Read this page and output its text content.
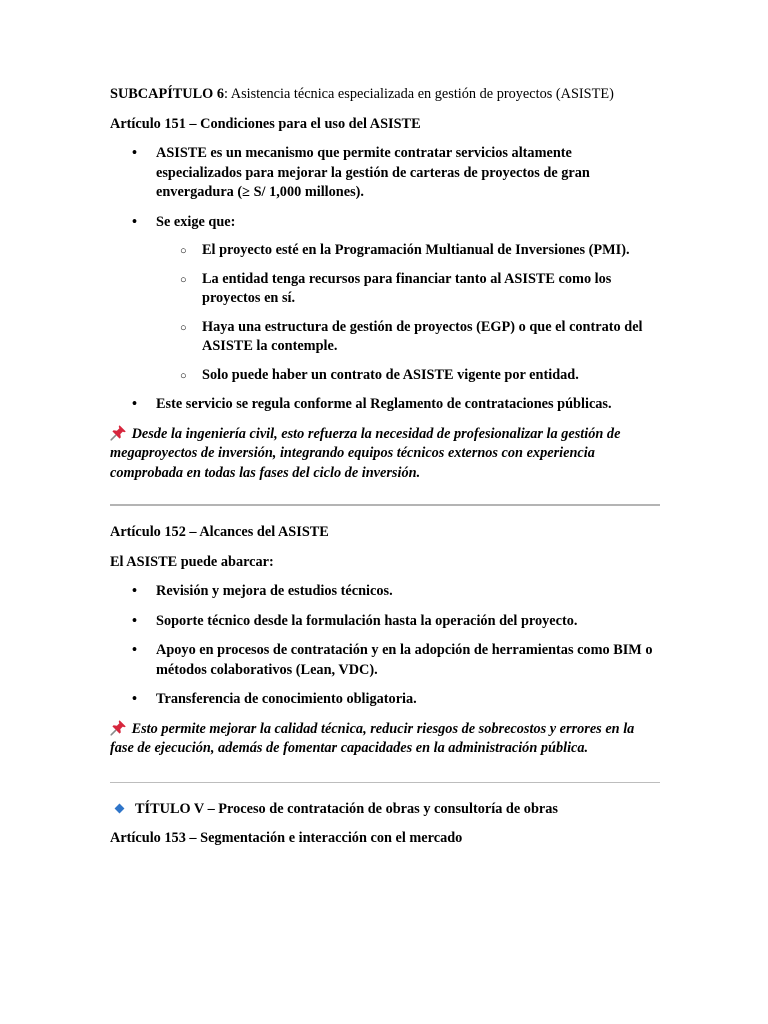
SUBCAPÍTULO 6: Asistencia técnica especializada en gestión de proyectos (ASISTE)

Artículo 151 – Condiciones para el uso del ASISTE

• ASISTE es un mecanismo que permite contratar servicios altamente especializados para mejorar la gestión de carteras de proyectos de gran envergadura (≥ S/ 1,000 millones).
• Se exige que:
○ El proyecto esté en la Programación Multianual de Inversiones (PMI).
○ La entidad tenga recursos para financiar tanto al ASISTE como los proyectos en sí.
○ Haya una estructura de gestión de proyectos (EGP) o que el contrato del ASISTE la contemple.
○ Solo puede haber un contrato de ASISTE vigente por entidad.
• Este servicio se regula conforme al Reglamento de contrataciones públicas.

Desde la ingeniería civil, esto refuerza la necesidad de profesionalizar la gestión de megaproyectos de inversión, integrando equipos técnicos externos con experiencia comprobada en todas las fases del ciclo de inversión.

Artículo 152 – Alcances del ASISTE

El ASISTE puede abarcar:

• Revisión y mejora de estudios técnicos.
• Soporte técnico desde la formulación hasta la operación del proyecto.
• Apoyo en procesos de contratación y en la adopción de herramientas como BIM o métodos colaborativos (Lean, VDC).
• Transferencia de conocimiento obligatoria.

Esto permite mejorar la calidad técnica, reducir riesgos de sobrecostos y errores en la fase de ejecución, además de fomentar capacidades en la administración pública.

TÍTULO V – Proceso de contratación de obras y consultoría de obras

Artículo 153 – Segmentación e interacción con el mercado
